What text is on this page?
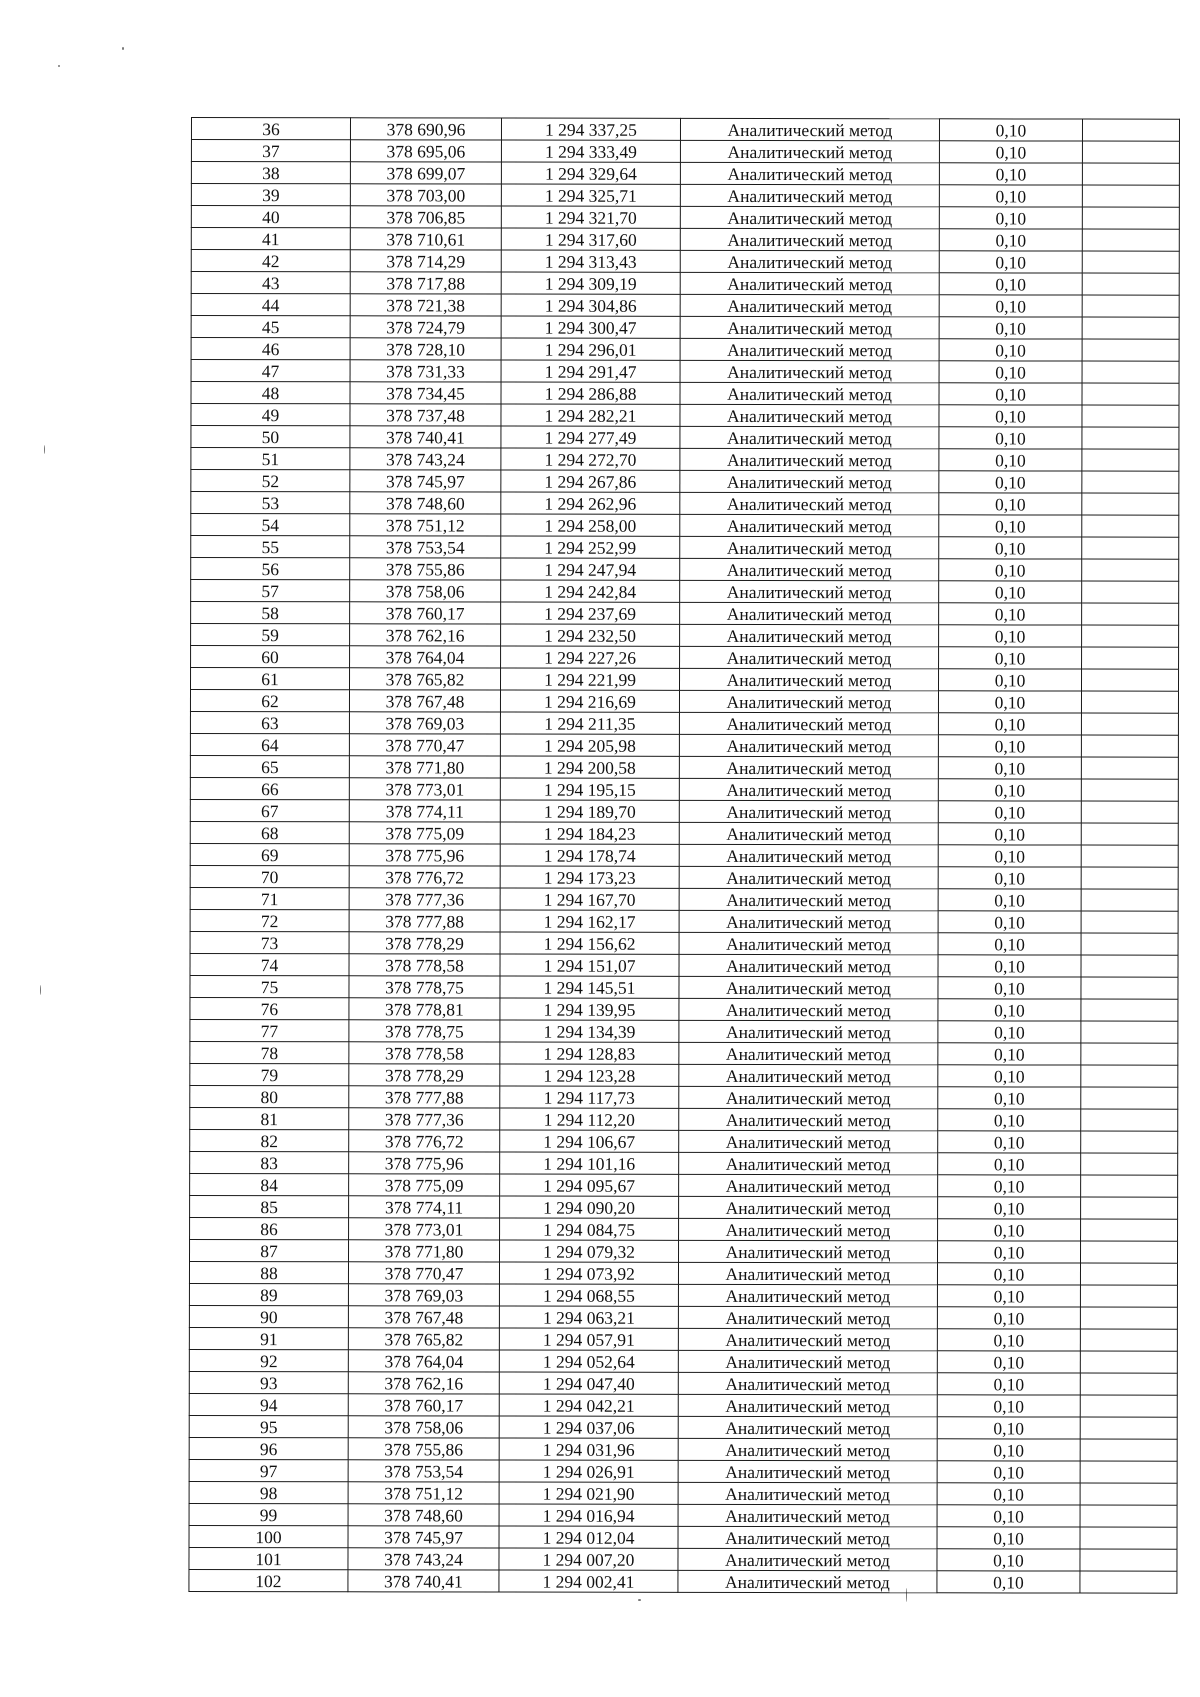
36	378 690,96	1 294 337,25	Аналитический метод	0,10	
37	378 695,06	1 294 333,49	Аналитический метод	0,10	
38	378 699,07	1 294 329,64	Аналитический метод	0,10	
39	378 703,00	1 294 325,71	Аналитический метод	0,10	
40	378 706,85	1 294 321,70	Аналитический метод	0,10	
41	378 710,61	1 294 317,60	Аналитический метод	0,10	
42	378 714,29	1 294 313,43	Аналитический метод	0,10	
43	378 717,88	1 294 309,19	Аналитический метод	0,10	
44	378 721,38	1 294 304,86	Аналитический метод	0,10	
45	378 724,79	1 294 300,47	Аналитический метод	0,10	
46	378 728,10	1 294 296,01	Аналитический метод	0,10	
47	378 731,33	1 294 291,47	Аналитический метод	0,10	
48	378 734,45	1 294 286,88	Аналитический метод	0,10	
49	378 737,48	1 294 282,21	Аналитический метод	0,10	
50	378 740,41	1 294 277,49	Аналитический метод	0,10	
51	378 743,24	1 294 272,70	Аналитический метод	0,10	
52	378 745,97	1 294 267,86	Аналитический метод	0,10	
53	378 748,60	1 294 262,96	Аналитический метод	0,10	
54	378 751,12	1 294 258,00	Аналитический метод	0,10	
55	378 753,54	1 294 252,99	Аналитический метод	0,10	
56	378 755,86	1 294 247,94	Аналитический метод	0,10	
57	378 758,06	1 294 242,84	Аналитический метод	0,10	
58	378 760,17	1 294 237,69	Аналитический метод	0,10	
59	378 762,16	1 294 232,50	Аналитический метод	0,10	
60	378 764,04	1 294 227,26	Аналитический метод	0,10	
61	378 765,82	1 294 221,99	Аналитический метод	0,10	
62	378 767,48	1 294 216,69	Аналитический метод	0,10	
63	378 769,03	1 294 211,35	Аналитический метод	0,10	
64	378 770,47	1 294 205,98	Аналитический метод	0,10	
65	378 771,80	1 294 200,58	Аналитический метод	0,10	
66	378 773,01	1 294 195,15	Аналитический метод	0,10	
67	378 774,11	1 294 189,70	Аналитический метод	0,10	
68	378 775,09	1 294 184,23	Аналитический метод	0,10	
69	378 775,96	1 294 178,74	Аналитический метод	0,10	
70	378 776,72	1 294 173,23	Аналитический метод	0,10	
71	378 777,36	1 294 167,70	Аналитический метод	0,10	
72	378 777,88	1 294 162,17	Аналитический метод	0,10	
73	378 778,29	1 294 156,62	Аналитический метод	0,10	
74	378 778,58	1 294 151,07	Аналитический метод	0,10	
75	378 778,75	1 294 145,51	Аналитический метод	0,10	
76	378 778,81	1 294 139,95	Аналитический метод	0,10	
77	378 778,75	1 294 134,39	Аналитический метод	0,10	
78	378 778,58	1 294 128,83	Аналитический метод	0,10	
79	378 778,29	1 294 123,28	Аналитический метод	0,10	
80	378 777,88	1 294 117,73	Аналитический метод	0,10	
81	378 777,36	1 294 112,20	Аналитический метод	0,10	
82	378 776,72	1 294 106,67	Аналитический метод	0,10	
83	378 775,96	1 294 101,16	Аналитический метод	0,10	
84	378 775,09	1 294 095,67	Аналитический метод	0,10	
85	378 774,11	1 294 090,20	Аналитический метод	0,10	
86	378 773,01	1 294 084,75	Аналитический метод	0,10	
87	378 771,80	1 294 079,32	Аналитический метод	0,10	
88	378 770,47	1 294 073,92	Аналитический метод	0,10	
89	378 769,03	1 294 068,55	Аналитический метод	0,10	
90	378 767,48	1 294 063,21	Аналитический метод	0,10	
91	378 765,82	1 294 057,91	Аналитический метод	0,10	
92	378 764,04	1 294 052,64	Аналитический метод	0,10	
93	378 762,16	1 294 047,40	Аналитический метод	0,10	
94	378 760,17	1 294 042,21	Аналитический метод	0,10	
95	378 758,06	1 294 037,06	Аналитический метод	0,10	
96	378 755,86	1 294 031,96	Аналитический метод	0,10	
97	378 753,54	1 294 026,91	Аналитический метод	0,10	
98	378 751,12	1 294 021,90	Аналитический метод	0,10	
99	378 748,60	1 294 016,94	Аналитический метод	0,10	
100	378 745,97	1 294 012,04	Аналитический метод	0,10	
101	378 743,24	1 294 007,20	Аналитический метод	0,10	
102	378 740,41	1 294 002,41	Аналитический метод	0,10	
